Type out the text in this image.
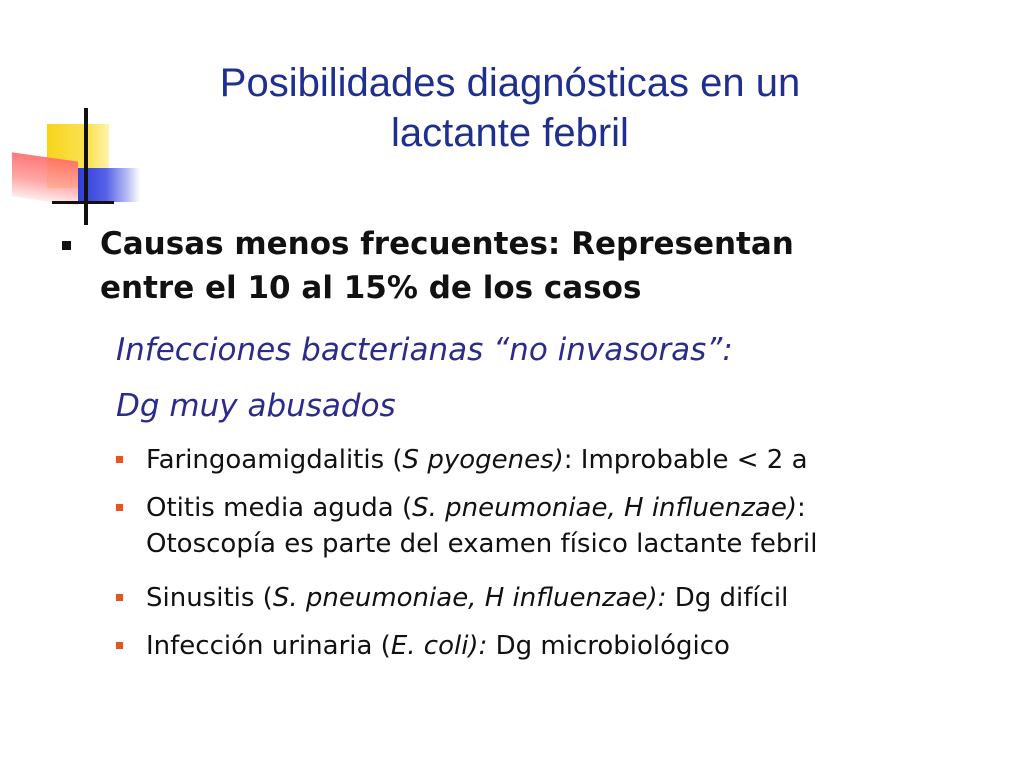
Posibilidades diagnósticas en un
lactante febril
Causas menos frecuentes: Representan
entre el 10 al 15% de los casos
Infecciones bacterianas “no invasoras”:
Dg muy abusados
Faringoamigdalitis (S pyogenes): Improbable < 2 a
Otitis media aguda (S. pneumoniae, H influenzae):
Otoscopía es parte del examen físico lactante febril
Sinusitis (S. pneumoniae, H influenzae): Dg difícil
Infección urinaria (E. coli): Dg microbiológico
